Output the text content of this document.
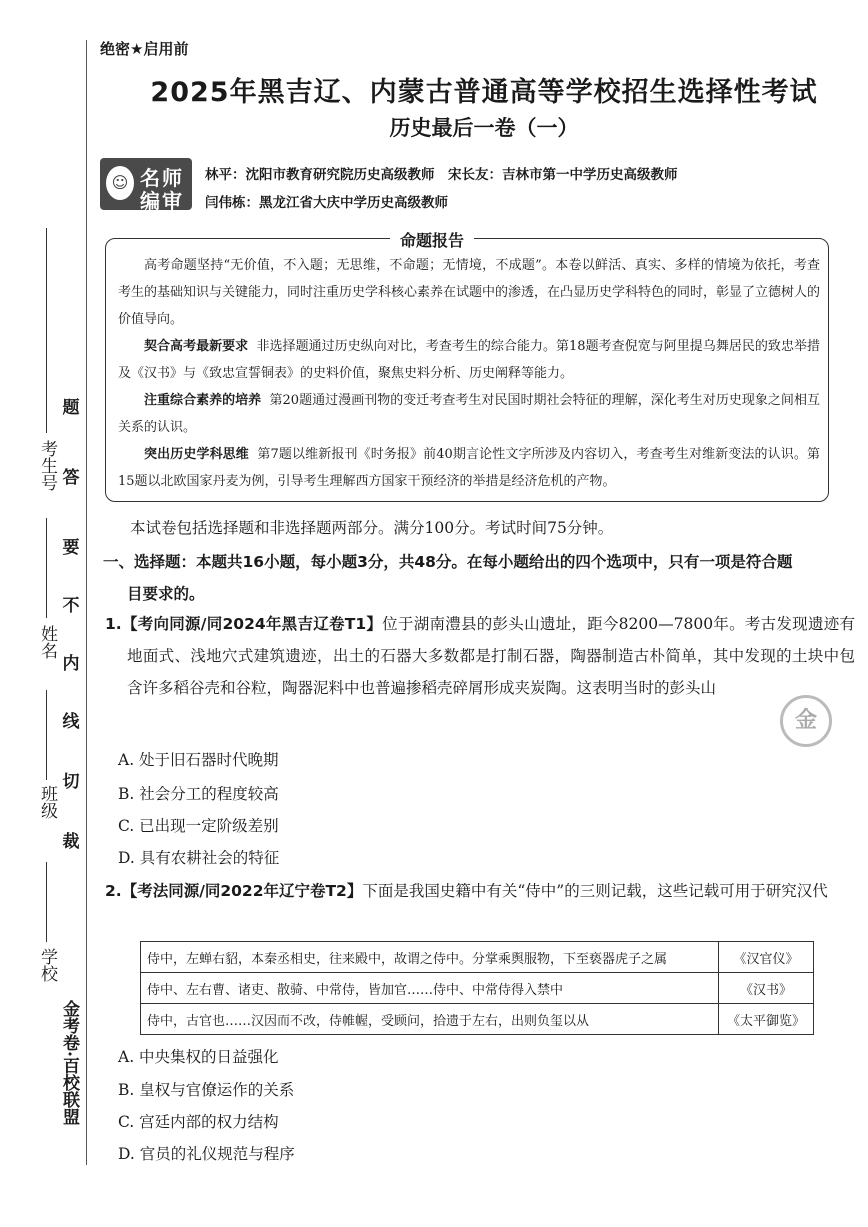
考生号
姓名
班级
学校
金考卷·百校联盟
题
答
要
不
内
线
切
裁
绝密★启用前
2025年黑吉辽、内蒙古普通高等学校招生选择性考试
历史最后一卷（一）
☺ 名师
编审
林平：沈阳市教育研究院历史高级教师　宋长友：吉林市第一中学历史高级教师
闫伟栋：黑龙江省大庆中学历史高级教师
命题报告
高考命题坚持“无价值，不入题；无思维，不命题；无情境，不成题”。本卷以鲜活、真实、多样的情境为依托，考查考生的基础知识与关键能力，同时注重历史学科核心素养在试题中的渗透，在凸显历史学科特色的同时，彰显了立德树人的价值导向。
契合高考最新要求 非选择题通过历史纵向对比，考查考生的综合能力。第18题考查倪宽与阿里提乌舞居民的致忠举措及《汉书》与《致忠宣誓铜表》的史料价值，聚焦史料分析、历史阐释等能力。
注重综合素养的培养 第20题通过漫画刊物的变迁考查考生对民国时期社会特征的理解，深化考生对历史现象之间相互关系的认识。
突出历史学科思维 第7题以维新报刊《时务报》前40期言论性文字所涉及内容切入，考查考生对维新变法的认识。第15题以北欧国家丹麦为例，引导考生理解西方国家干预经济的举措是经济危机的产物。
本试卷包括选择题和非选择题两部分。满分100分。考试时间75分钟。
一、选择题：本题共16小题，每小题3分，共48分。在每小题给出的四个选项中，只有一项是符合题
目要求的。
1.【考向同源/同2024年黑吉辽卷T1】位于湖南澧县的彭头山遗址，距今8200—7800年。考古发现遗迹有地面式、浅地穴式建筑遗迹，出土的石器大多数都是打制石器，陶器制造古朴简单，其中发现的土块中包含许多稻谷壳和谷粒，陶器泥料中也普遍掺稻壳碎屑形成夹炭陶。这表明当时的彭头山
A. 处于旧石器时代晚期
B. 社会分工的程度较高
C. 已出现一定阶级差别
D. 具有农耕社会的特征
金
2.【考法同源/同2022年辽宁卷T2】下面是我国史籍中有关“侍中”的三则记载，这些记载可用于研究汉代
侍中，左蝉右貂，本秦丞相史，往来殿中，故谓之侍中。分掌乘舆服物，下至亵器虎子之属	《汉官仪》
侍中、左右曹、诸吏、散骑、中常侍，皆加官……侍中、中常侍得入禁中	《汉书》
侍中，古官也……汉因而不改，侍帷幄，受顾问，拾遗于左右，出则负玺以从	《太平御览》
A. 中央集权的日益强化
B. 皇权与官僚运作的关系
C. 宫廷内部的权力结构
D. 官员的礼仪规范与程序
